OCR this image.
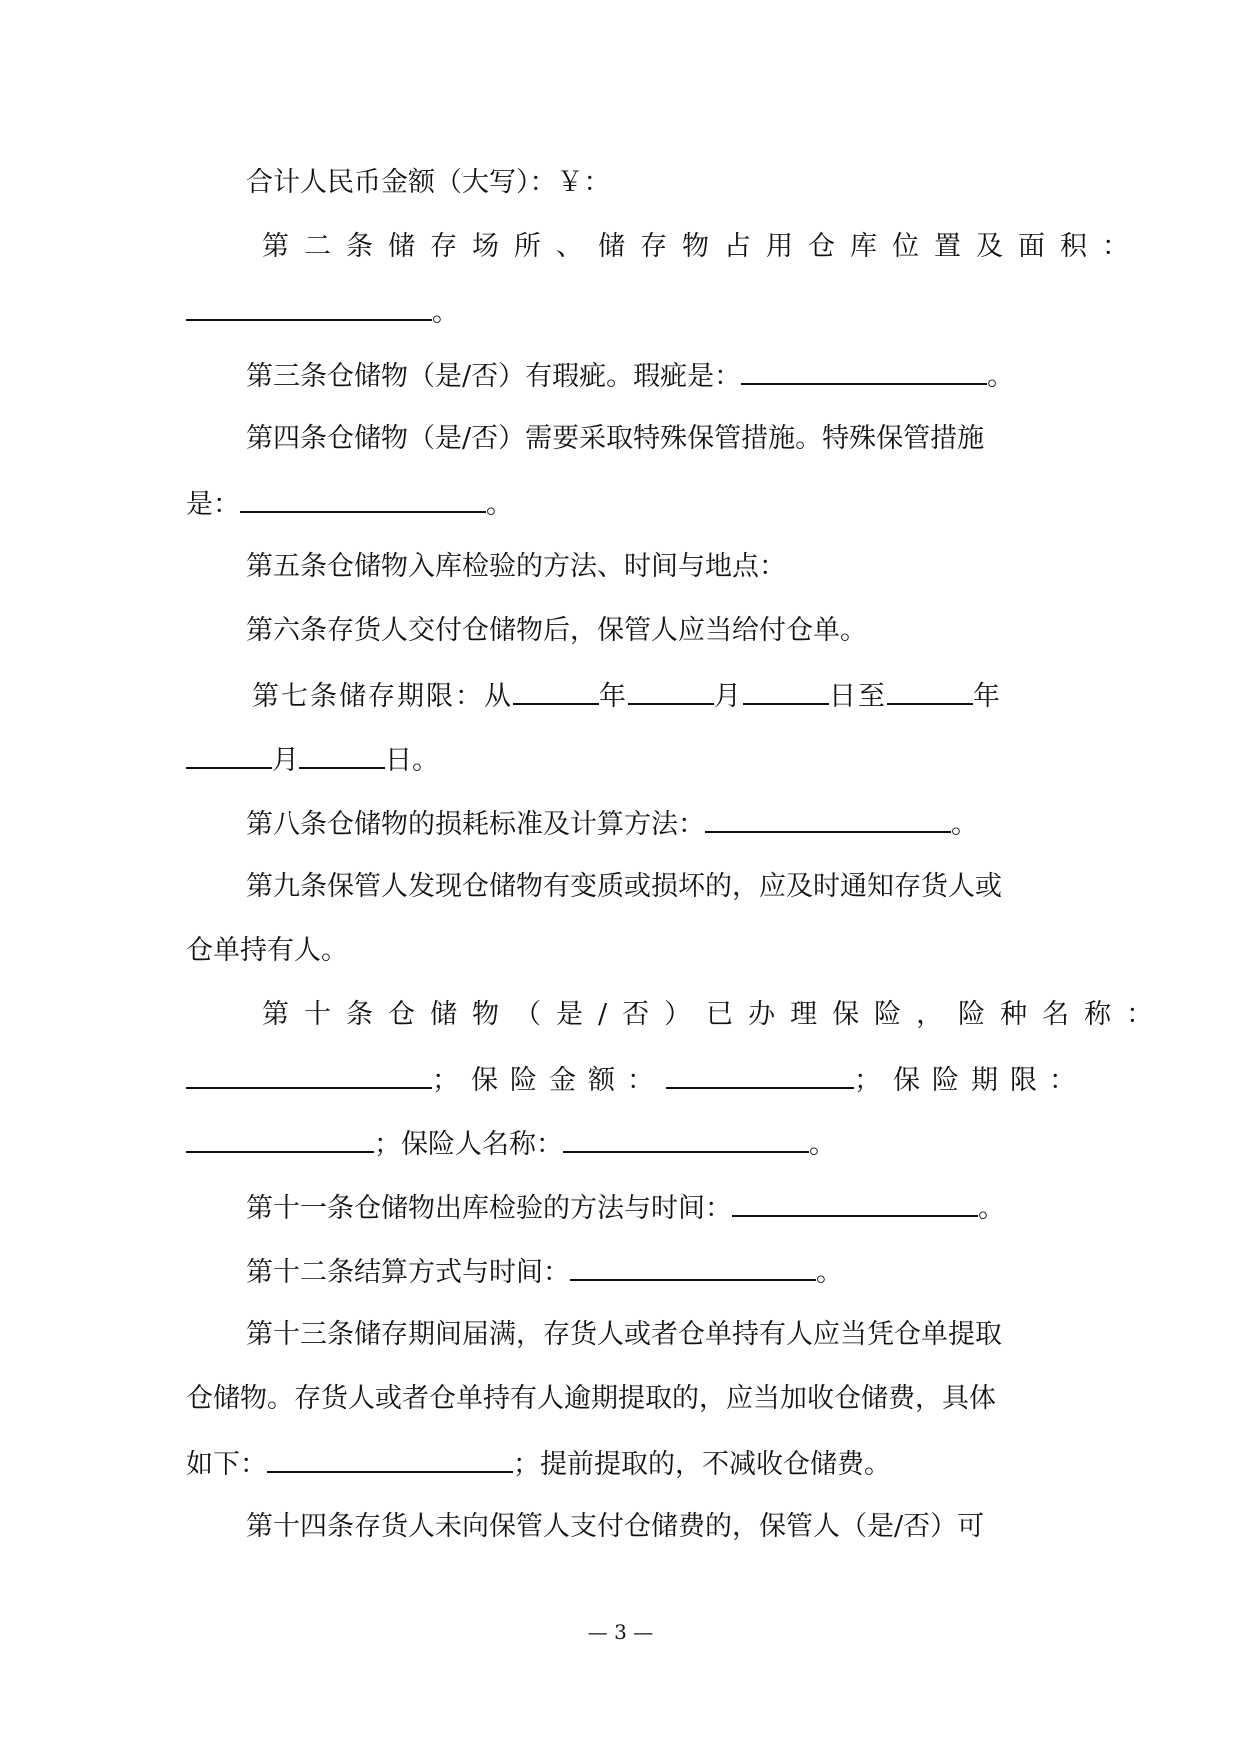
合计人民币金额（大写）：￥：
第二条储存场所、储存物占用仓库位置及面积：
。
第三条仓储物（是/否）有瑕疵。瑕疵是：	。
第四条仓储物（是/否）需要采取特殊保管措施。特殊保管措施
是：	。
第五条仓储物入库检验的方法、时间与地点：
第六条存货人交付仓储物后，保管人应当给付仓单。
第七条储存期限：从	年	月	日至	年
月	日。
第八条仓储物的损耗标准及计算方法：	。
第九条保管人发现仓储物有变质或损坏的，应及时通知存货人或
仓单持有人。
第十条仓储物（是/否）已办理保险，险种名称：
；保险金额：	；保险期限：
；保险人名称：	。
第十一条仓储物出库检验的方法与时间：	。
第十二条结算方式与时间：	。
第十三条储存期间届满，存货人或者仓单持有人应当凭仓单提取
仓储物。存货人或者仓单持有人逾期提取的，应当加收仓储费，具体
如下：	；提前提取的，不减收仓储费。
第十四条存货人未向保管人支付仓储费的，保管人（是/否）可
— 3 —
